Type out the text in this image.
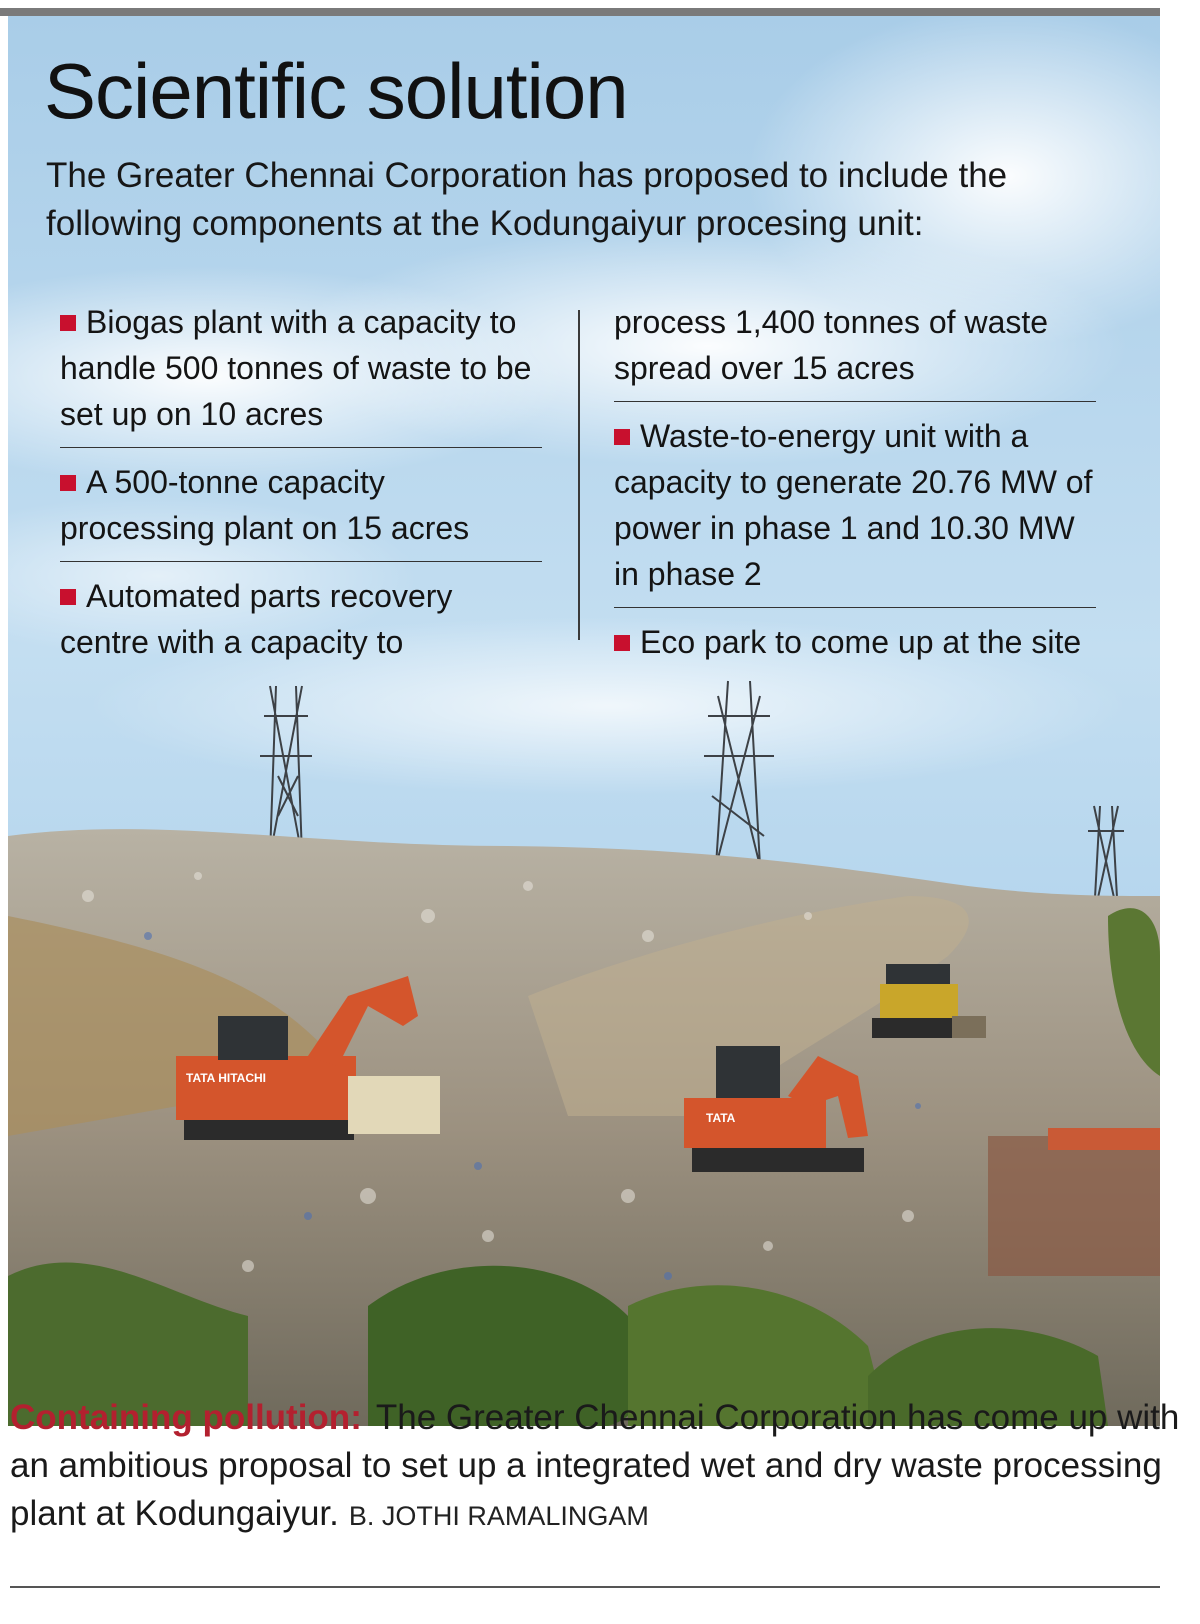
TATA HITACHI
TATA
Scientific solution

The Greater Chennai Corporation has proposed to include the following components at the Kodungaiyur procesing unit:

Biogas plant with a capacity to handle 500 tonnes of waste to be set up on 10 acres
A 500-tonne capacity processing plant on 15 acres
Automated parts recovery centre with a capacity to
process 1,400 tonnes of waste spread over 15 acres
Waste-to-energy unit with a capacity to generate 20.76 MW of power in phase 1 and 10.30 MW in phase 2
Eco park to come up at the site
Containing pollution: The Greater Chennai Corporation has come up with an ambitious proposal to set up a integrated wet and dry waste processing plant at Kodungaiyur. B. JOTHI RAMALINGAM
